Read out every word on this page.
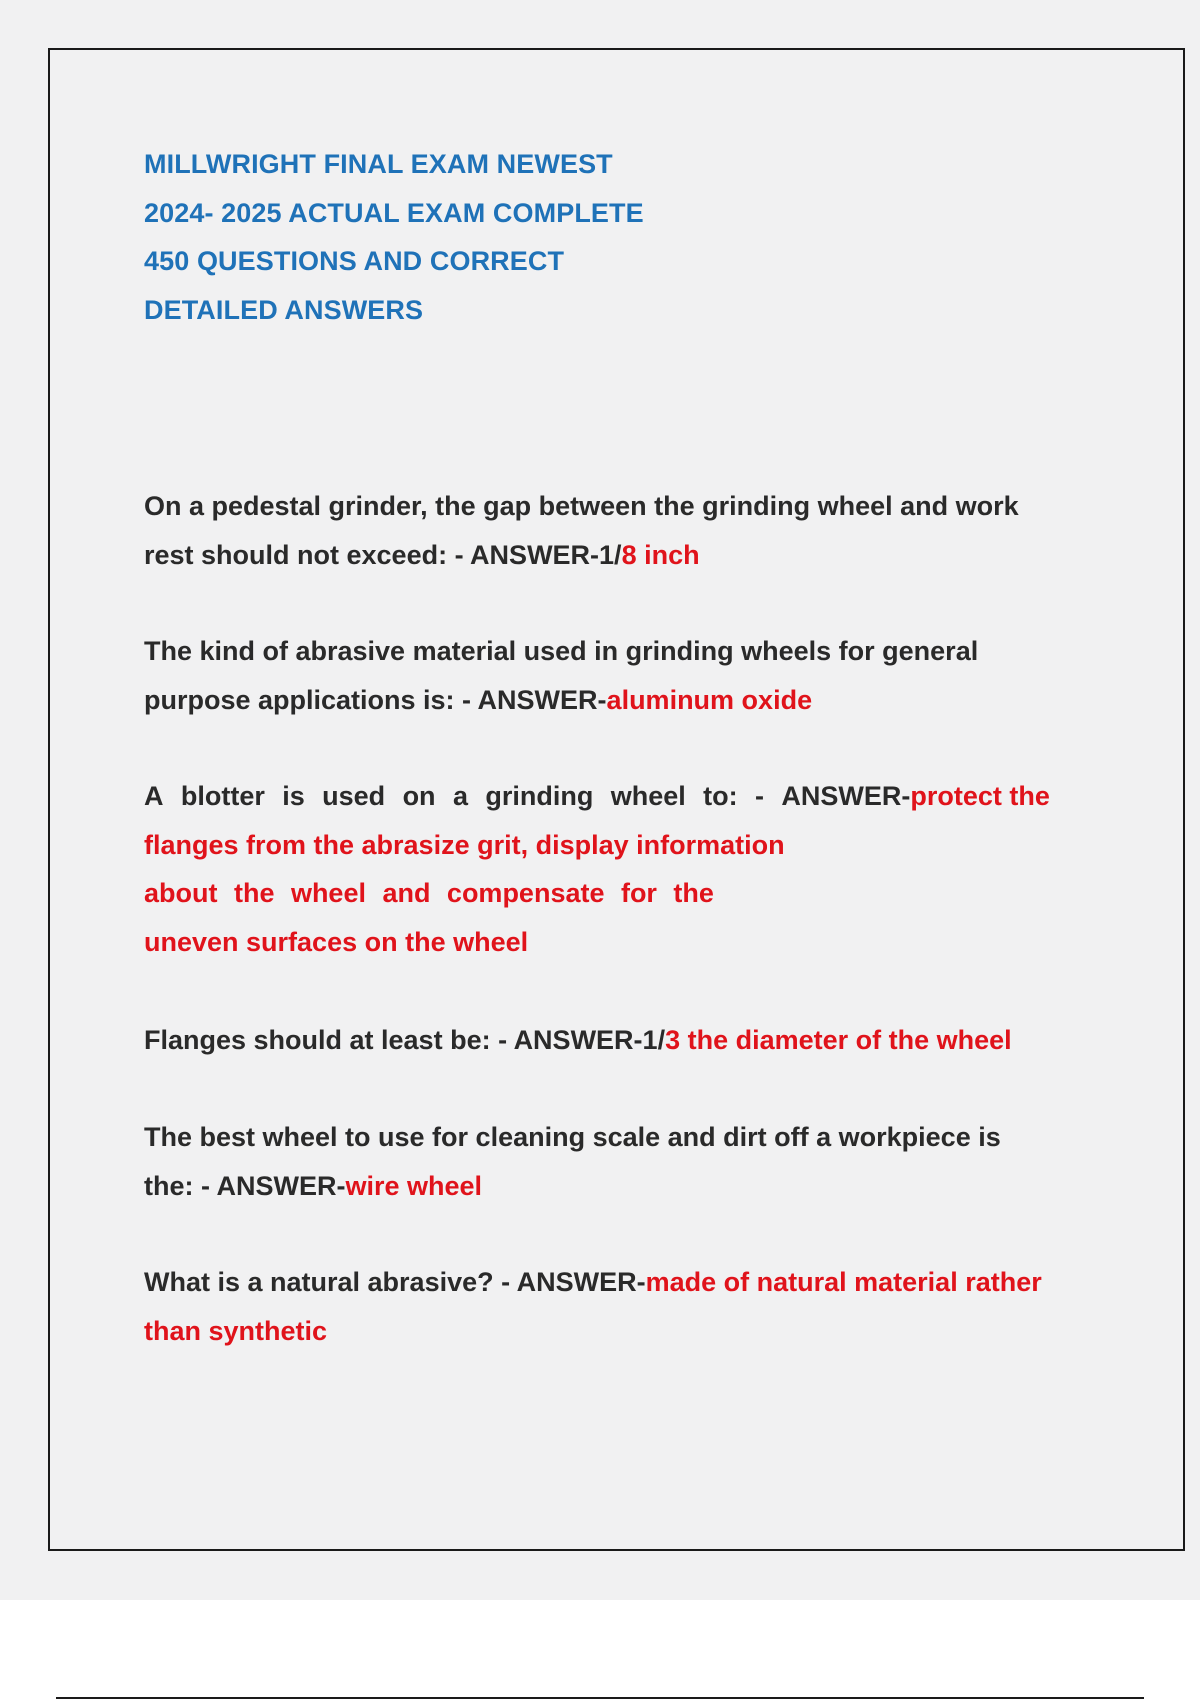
MILLWRIGHT FINAL EXAM NEWEST
2024- 2025 ACTUAL EXAM COMPLETE
450 QUESTIONS AND CORRECT
DETAILED ANSWERS
On a pedestal grinder, the gap between the grinding wheel and work
rest should not exceed: - ANSWER-1/8 inch
The kind of abrasive material used in grinding wheels for general
purpose applications is: - ANSWER-aluminum oxide
A blotter is used on a grinding wheel to: - ANSWER-protect the
flanges from the abrasize grit, display information
about the wheel and compensate for the
uneven surfaces on the wheel
Flanges should at least be: - ANSWER-1/3 the diameter of the wheel
The best wheel to use for cleaning scale and dirt off a workpiece is
the: - ANSWER-wire wheel
What is a natural abrasive? - ANSWER-made of natural material rather
than synthetic
